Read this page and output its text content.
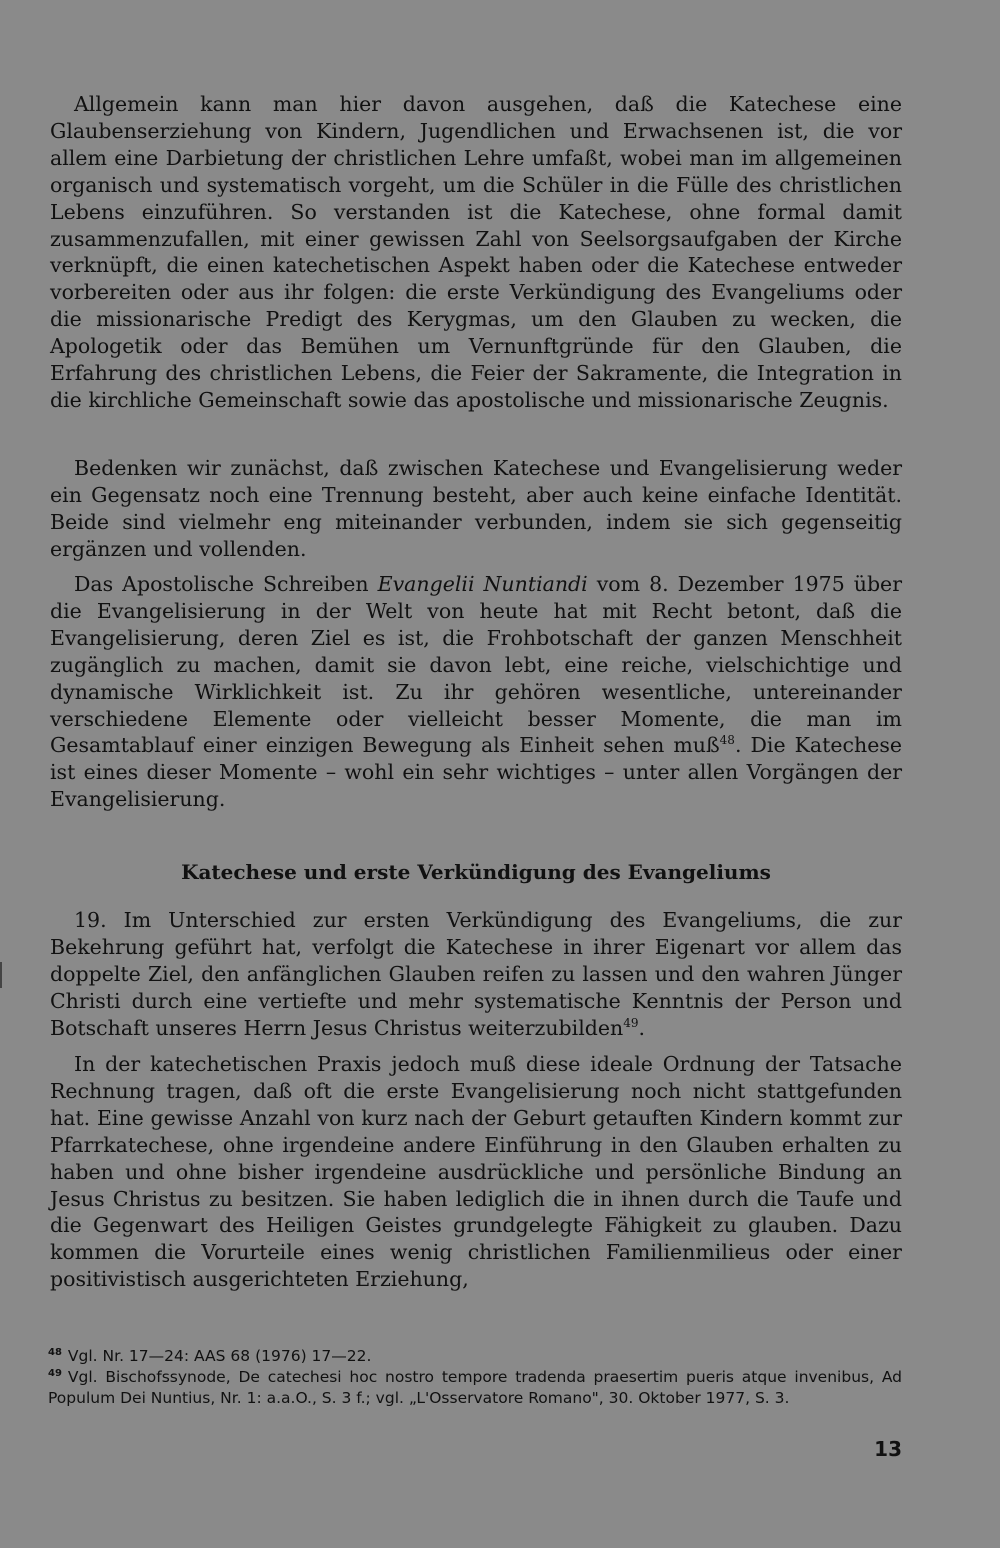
Allgemein kann man hier davon ausgehen, daß die Katechese eine Glaubenserziehung von Kindern, Jugendlichen und Erwachsenen ist, die vor allem eine Darbietung der christlichen Lehre umfaßt, wobei man im allgemeinen organisch und systematisch vorgeht, um die Schüler in die Fülle des christlichen Lebens einzuführen. So verstanden ist die Katechese, ohne formal damit zusammenzufallen, mit einer gewissen Zahl von Seelsorgsaufgaben der Kirche verknüpft, die einen katechetischen Aspekt haben oder die Katechese entweder vorbereiten oder aus ihr folgen: die erste Verkündigung des Evangeliums oder die missionarische Predigt des Kerygmas, um den Glauben zu wecken, die Apologetik oder das Bemühen um Vernunftgründe für den Glauben, die Erfahrung des christlichen Lebens, die Feier der Sakramente, die Integration in die kirchliche Gemeinschaft sowie das apostolische und missionarische Zeugnis.

Bedenken wir zunächst, daß zwischen Katechese und Evangelisierung weder ein Gegensatz noch eine Trennung besteht, aber auch keine einfache Identität. Beide sind vielmehr eng miteinander verbunden, indem sie sich gegenseitig ergänzen und vollenden.

Das Apostolische Schreiben Evangelii Nuntiandi vom 8. Dezember 1975 über die Evangelisierung in der Welt von heute hat mit Recht betont, daß die Evangelisierung, deren Ziel es ist, die Frohbotschaft der ganzen Menschheit zugänglich zu machen, damit sie davon lebt, eine reiche, vielschichtige und dynamische Wirklichkeit ist. Zu ihr gehören wesentliche, untereinander verschiedene Elemente oder vielleicht besser Momente, die man im Gesamtablauf einer einzigen Bewegung als Einheit sehen muß$^{48}$. Die Katechese ist eines dieser Momente – wohl ein sehr wichtiges – unter allen Vorgängen der Evangelisierung.

Katechese und erste Verkündigung des Evangeliums

19. Im Unterschied zur ersten Verkündigung des Evangeliums, die zur Bekehrung geführt hat, verfolgt die Katechese in ihrer Eigenart vor allem das doppelte Ziel, den anfänglichen Glauben reifen zu lassen und den wahren Jünger Christi durch eine vertiefte und mehr systematische Kenntnis der Person und Botschaft unseres Herrn Jesus Christus weiterzubilden$^{49}$.

In der katechetischen Praxis jedoch muß diese ideale Ordnung der Tatsache Rechnung tragen, daß oft die erste Evangelisierung noch nicht stattgefunden hat. Eine gewisse Anzahl von kurz nach der Geburt getauften Kindern kommt zur Pfarrkatechese, ohne irgendeine andere Einführung in den Glauben erhalten zu haben und ohne bisher irgendeine ausdrückliche und persönliche Bindung an Jesus Christus zu besitzen. Sie haben lediglich die in ihnen durch die Taufe und die Gegenwart des Heiligen Geistes grundgelegte Fähigkeit zu glauben. Dazu kommen die Vorurteile eines wenig christlichen Familienmilieus oder einer positivistisch ausgerichteten Erziehung,

$^{48}$ Vgl. Nr. 17—24: AAS 68 (1976) 17—22.

$^{49}$ Vgl. Bischofssynode, De catechesi hoc nostro tempore tradenda praesertim pueris atque invenibus, Ad Populum Dei Nuntius, Nr. 1: a.a.O., S. 3 f.; vgl. „L'Osservatore Romano", 30. Oktober 1977, S. 3.

13
